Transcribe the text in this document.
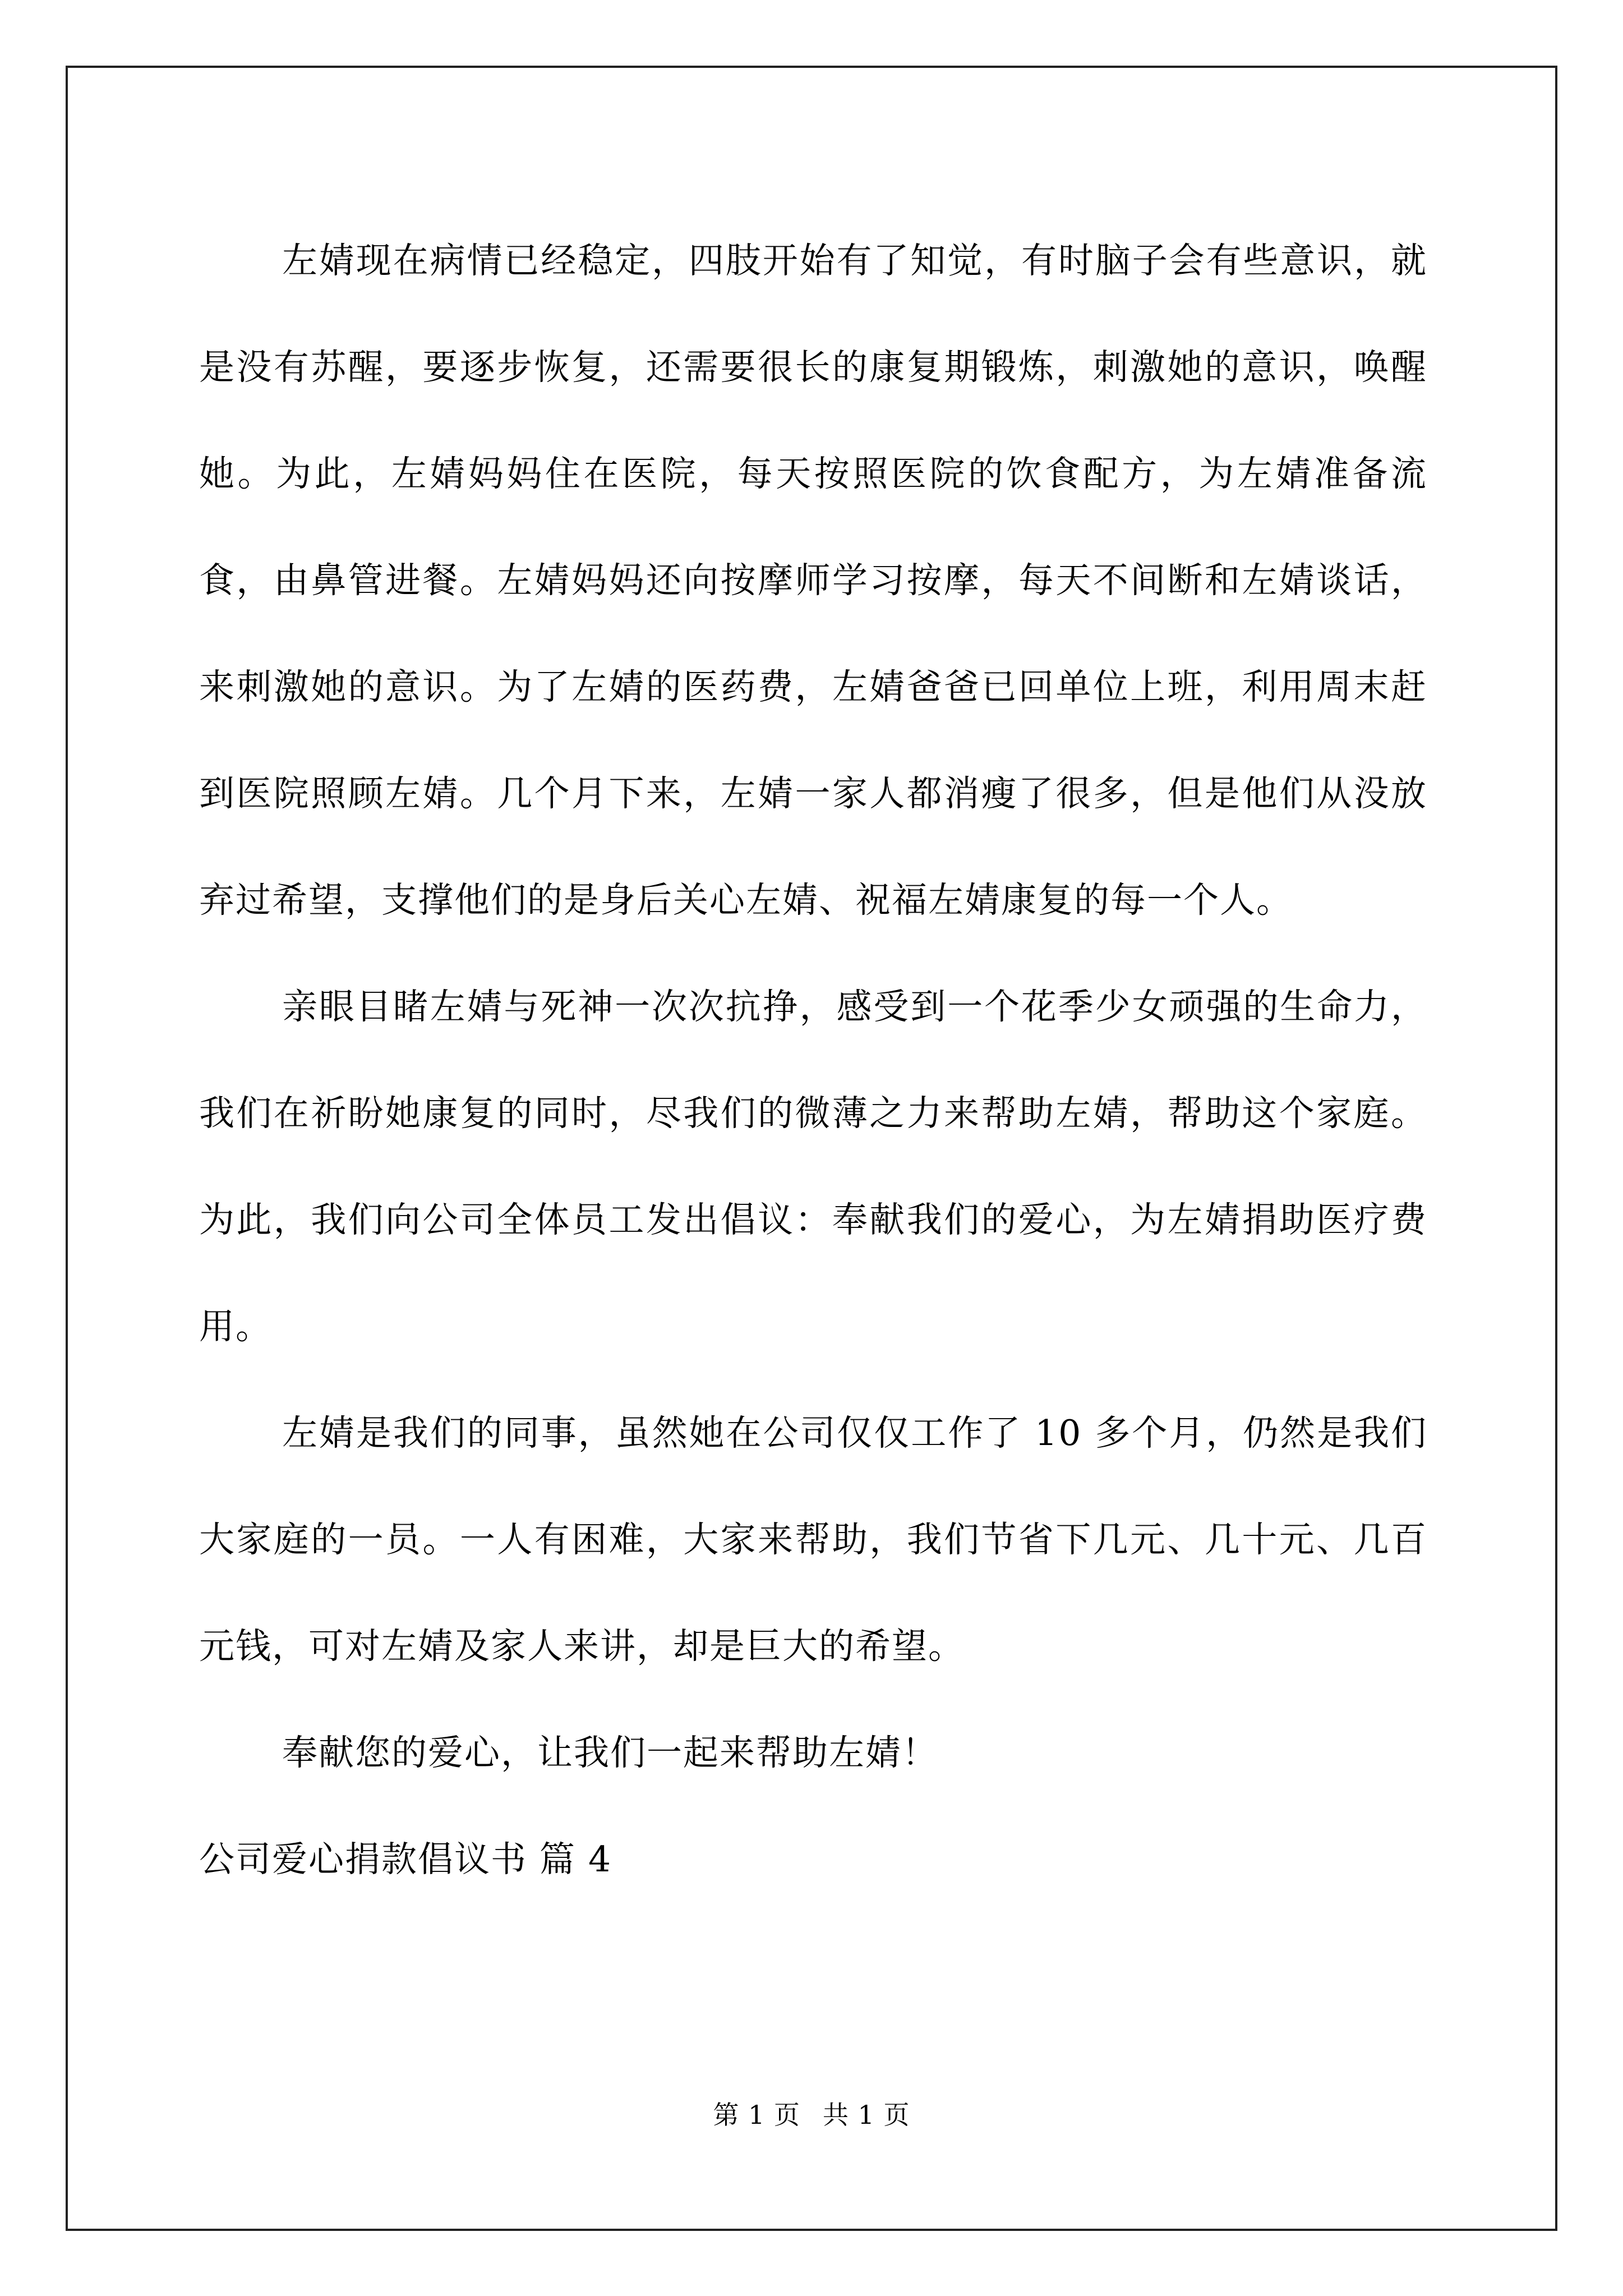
左婧现在病情已经稳定，四肢开始有了知觉，有时脑子会有些意识，就是没有苏醒，要逐步恢复，还需要很长的康复期锻炼，刺激她的意识，唤醒她。为此，左婧妈妈住在医院，每天按照医院的饮食配方，为左婧准备流食，由鼻管进餐。左婧妈妈还向按摩师学习按摩，每天不间断和左婧谈话，来刺激她的意识。为了左婧的医药费，左婧爸爸已回单位上班，利用周末赶到医院照顾左婧。几个月下来，左婧一家人都消瘦了很多，但是他们从没放弃过希望，支撑他们的是身后关心左婧、祝福左婧康复的每一个人。

亲眼目睹左婧与死神一次次抗挣，感受到一个花季少女顽强的生命力，我们在祈盼她康复的同时，尽我们的微薄之力来帮助左婧，帮助这个家庭。为此，我们向公司全体员工发出倡议：奉献我们的爱心，为左婧捐助医疗费用。

左婧是我们的同事，虽然她在公司仅仅工作了 10 多个月，仍然是我们大家庭的一员。一人有困难，大家来帮助，我们节省下几元、几十元、几百元钱，可对左婧及家人来讲，却是巨大的希望。

奉献您的爱心，让我们一起来帮助左婧！

公司爱心捐款倡议书 篇 4

第 1 页 共 1 页
